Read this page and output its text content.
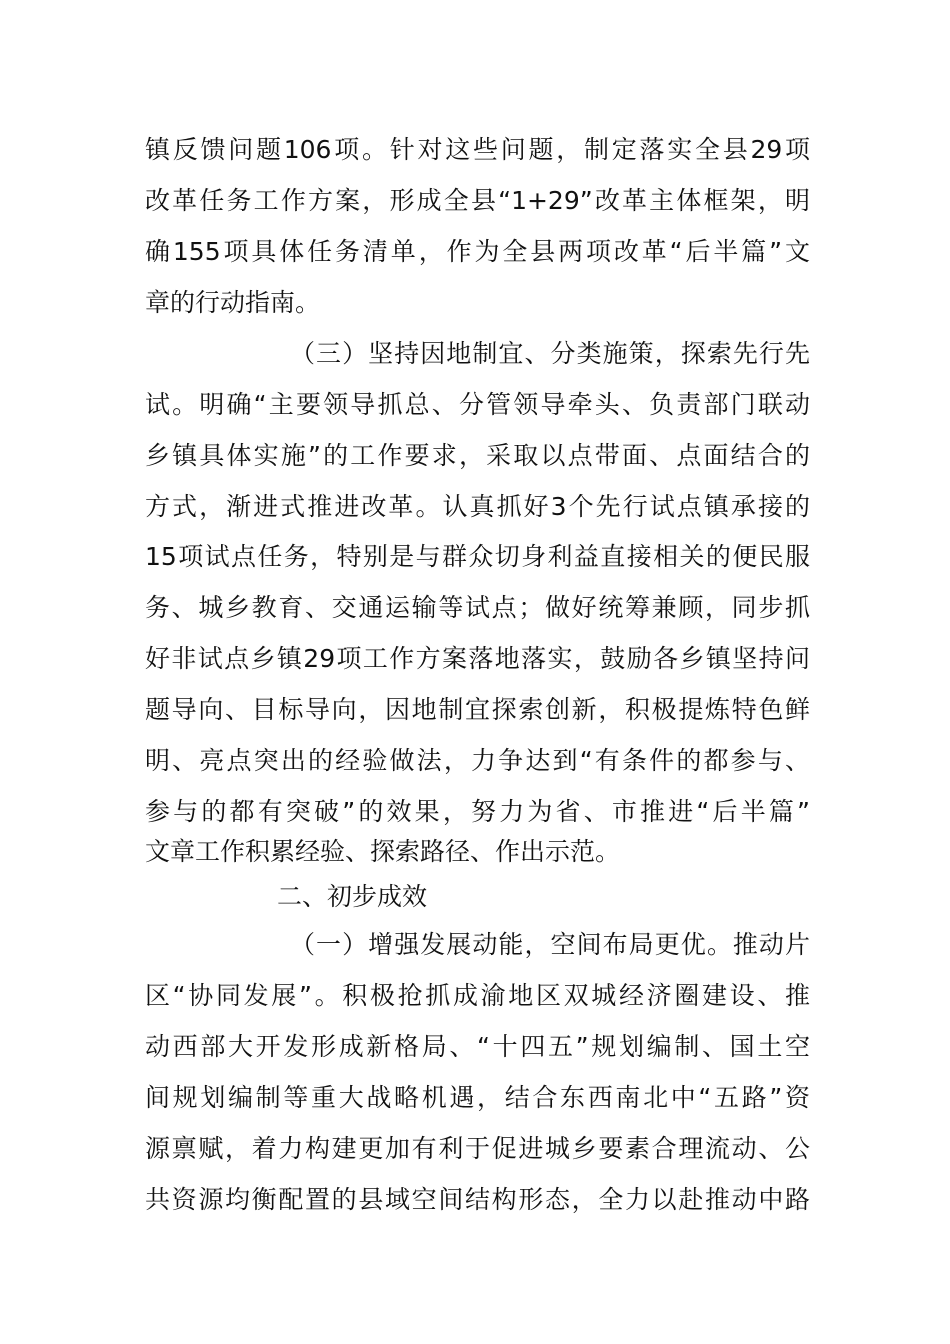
镇反馈问题106项。针对这些问题，制定落实全县29项
改革任务工作方案，形成全县“1+29”改革主体框架，明
确155项具体任务清单，作为全县两项改革“后半篇”文
章的行动指南。
（三）坚持因地制宜、分类施策，探索先行先
试。明确“主要领导抓总、分管领导牵头、负责部门联动
乡镇具体实施”的工作要求，采取以点带面、点面结合的
方式，渐进式推进改革。认真抓好3个先行试点镇承接的
15项试点任务，特别是与群众切身利益直接相关的便民服
务、城乡教育、交通运输等试点；做好统筹兼顾，同步抓
好非试点乡镇29项工作方案落地落实，鼓励各乡镇坚持问
题导向、目标导向，因地制宜探索创新，积极提炼特色鲜
明、亮点突出的经验做法，力争达到“有条件的都参与、
参与的都有突破”的效果，努力为省、市推进“后半篇”
文章工作积累经验、探索路径、作出示范。
二、初步成效
（一）增强发展动能，空间布局更优。推动片
区“协同发展”。积极抢抓成渝地区双城经济圈建设、推
动西部大开发形成新格局、“十四五”规划编制、国土空
间规划编制等重大战略机遇，结合东西南北中“五路”资
源禀赋，着力构建更加有利于促进城乡要素合理流动、公
共资源均衡配置的县域空间结构形态，全力以赴推动中路
